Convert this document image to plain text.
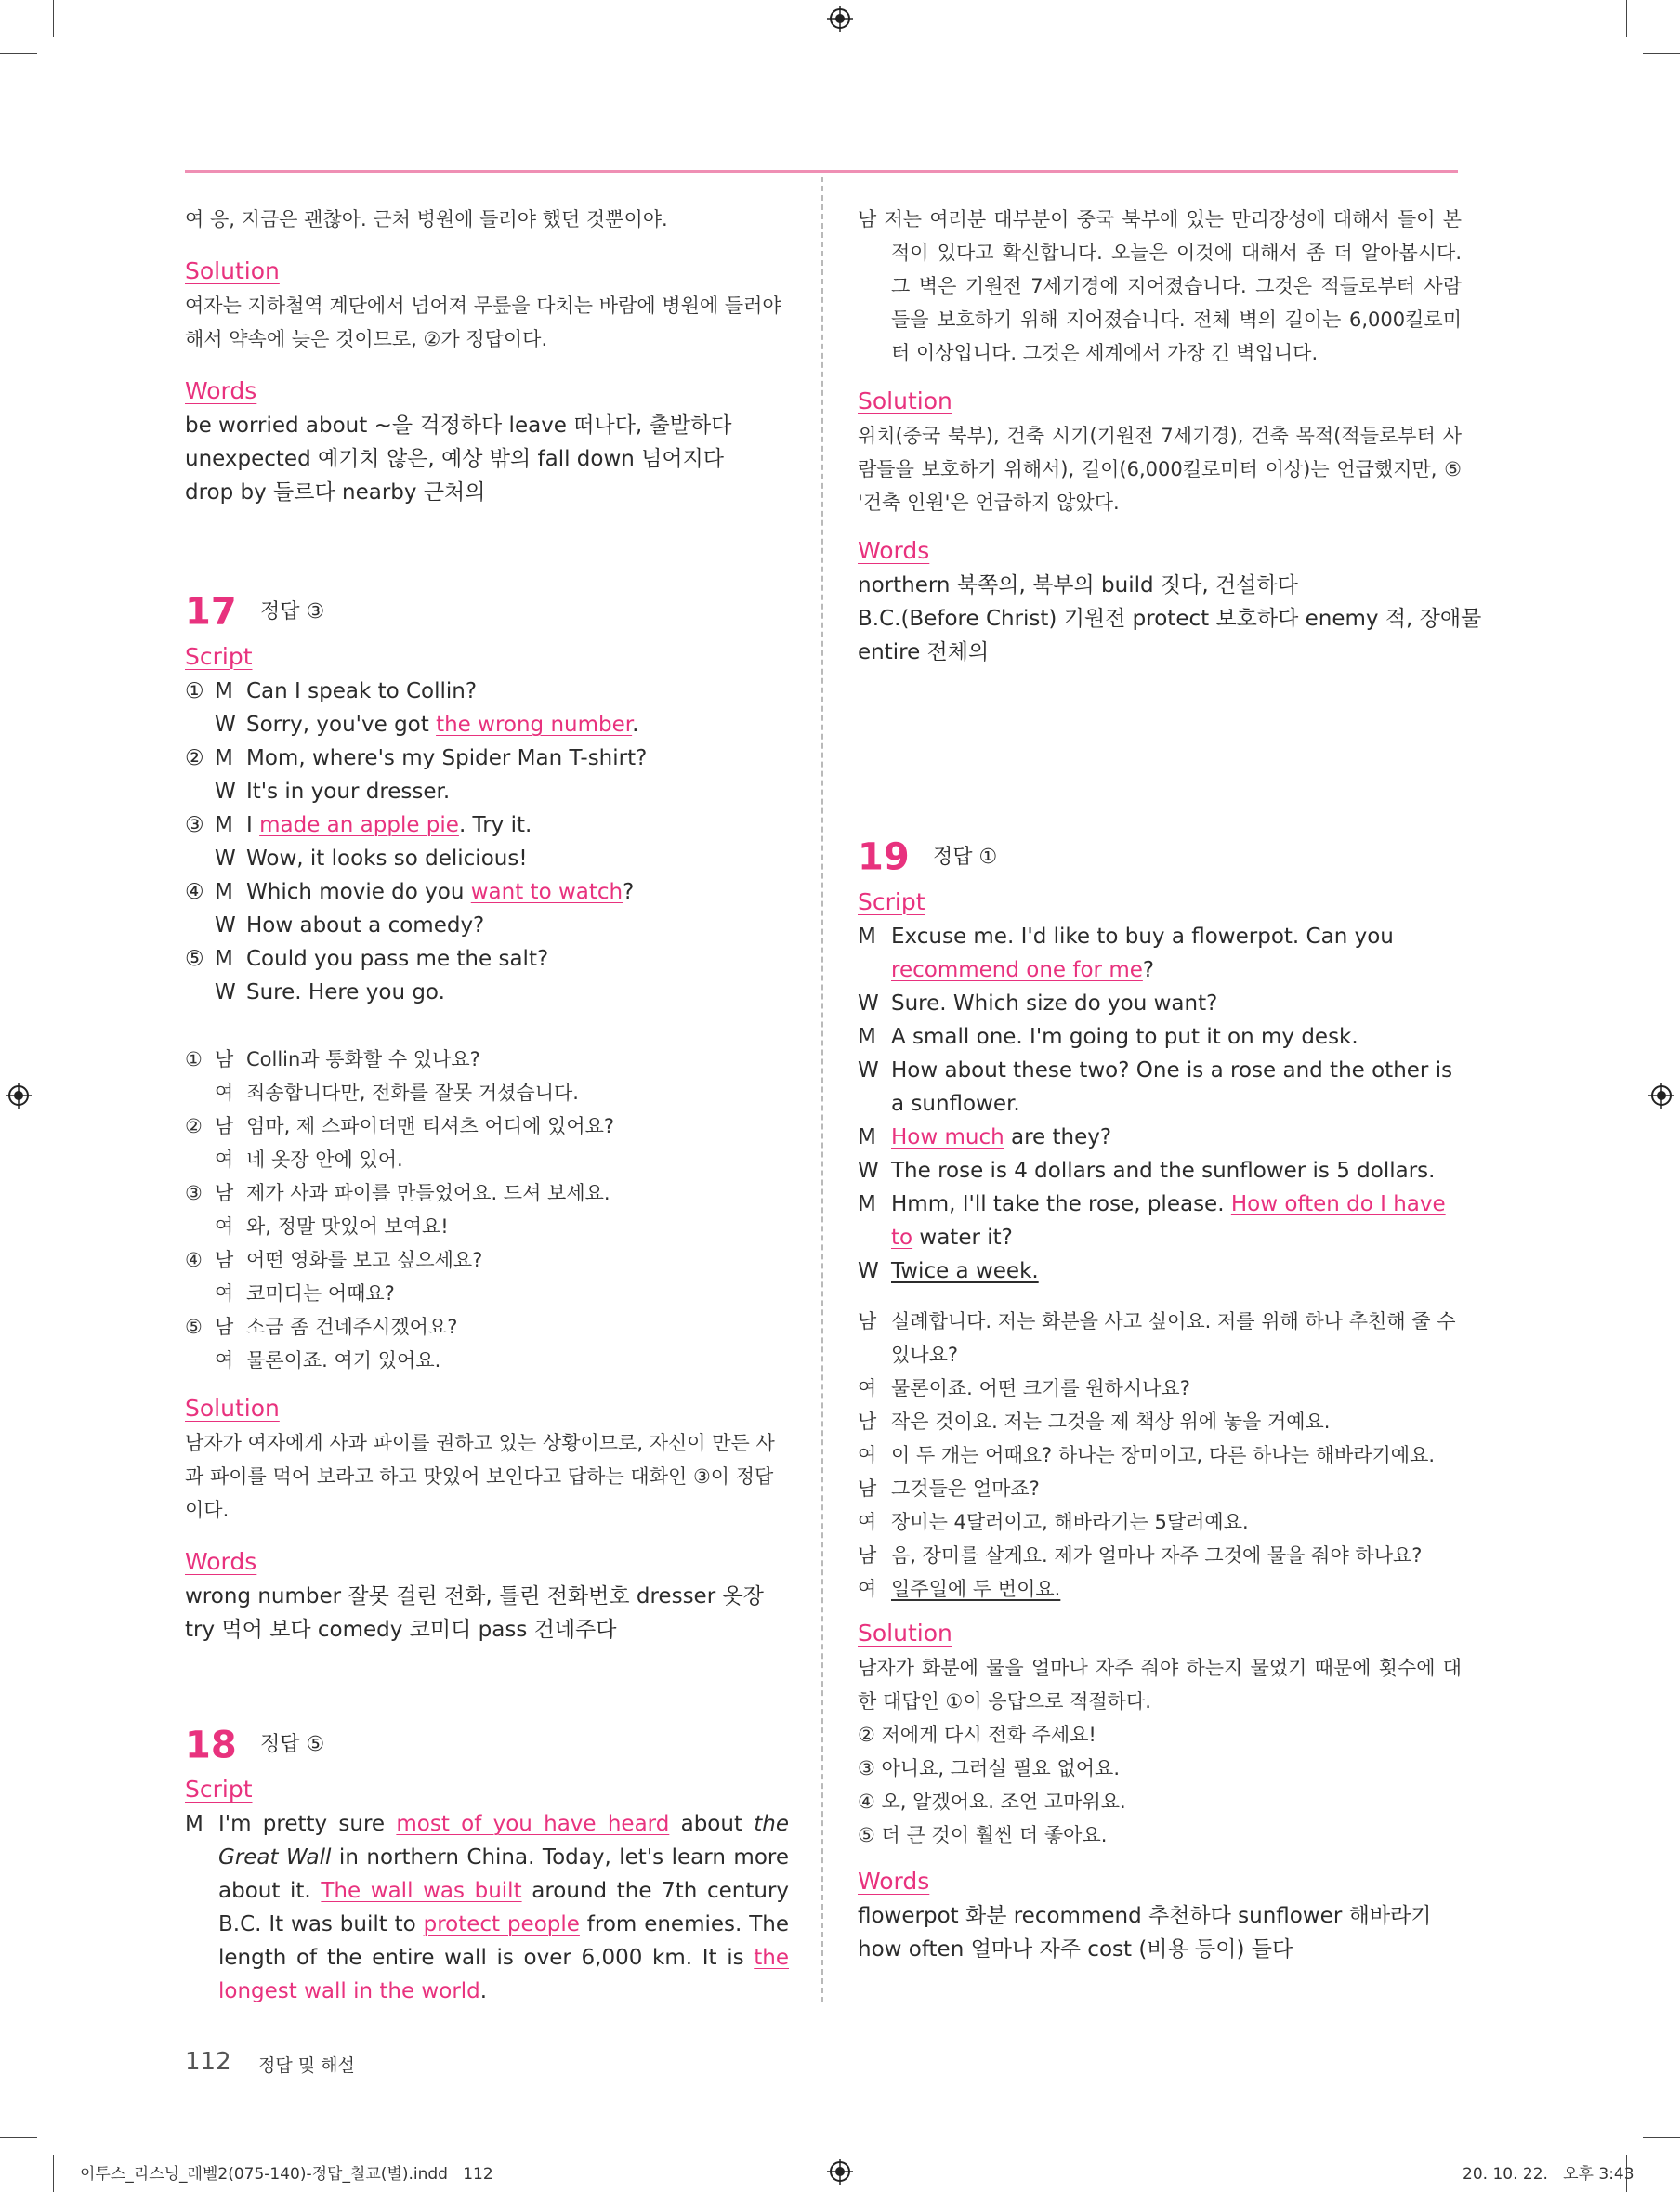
여 응, 지금은 괜찮아. 근처 병원에 들러야 했던 것뿐이야.
Solution
여자는 지하철역 계단에서 넘어져 무릎을 다치는 바람에 병원에 들러야 해서 약속에 늦은 것이므로, ②가 정답이다.
Words
be worried about ~을 걱정하다 leave 떠나다, 출발하다
unexpected 예기치 않은, 예상 밖의 fall down 넘어지다
drop by 들르다 nearby 근처의
17 정답 ③
Script
① M Can I speak to Collin?
W Sorry, you've got the wrong number.
② M Mom, where's my Spider Man T-shirt?
W It's in your dresser.
③ M I made an apple pie. Try it.
W Wow, it looks so delicious!
④ M Which movie do you want to watch?
W How about a comedy?
⑤ M Could you pass me the salt?
W Sure. Here you go.
① 남 Collin과 통화할 수 있나요?
여 죄송합니다만, 전화를 잘못 거셨습니다.
② 남 엄마, 제 스파이더맨 티셔츠 어디에 있어요?
여 네 옷장 안에 있어.
③ 남 제가 사과 파이를 만들었어요. 드셔 보세요.
여 와, 정말 맛있어 보여요!
④ 남 어떤 영화를 보고 싶으세요?
여 코미디는 어때요?
⑤ 남 소금 좀 건네주시겠어요?
여 물론이죠. 여기 있어요.
Solution
남자가 여자에게 사과 파이를 권하고 있는 상황이므로, 자신이 만든 사과 파이를 먹어 보라고 하고 맛있어 보인다고 답하는 대화인 ③이 정답이다.
Words
wrong number 잘못 걸린 전화, 틀린 전화번호 dresser 옷장
try 먹어 보다 comedy 코미디 pass 건네주다
18 정답 ⑤
Script
M I'm pretty sure most of you have heard about the Great Wall in northern China. Today, let's learn more about it. The wall was built around the 7th century B.C. It was built to protect people from enemies. The length of the entire wall is over 6,000 km. It is the longest wall in the world.
남 저는 여러분 대부분이 중국 북부에 있는 만리장성에 대해서 들어 본 적이 있다고 확신합니다. 오늘은 이것에 대해서 좀 더 알아봅시다. 그 벽은 기원전 7세기경에 지어졌습니다. 그것은 적들로부터 사람들을 보호하기 위해 지어졌습니다. 전체 벽의 길이는 6,000킬로미터 이상입니다. 그것은 세계에서 가장 긴 벽입니다.
Solution
위치(중국 북부), 건축 시기(기원전 7세기경), 건축 목적(적들로부터 사람들을 보호하기 위해서), 길이(6,000킬로미터 이상)는 언급했지만, ⑤ '건축 인원'은 언급하지 않았다.
Words
northern 북쪽의, 북부의 build 짓다, 건설하다
B.C.(Before Christ) 기원전 protect 보호하다 enemy 적, 장애물
entire 전체의
19 정답 ①
Script
M Excuse me. I'd like to buy a flowerpot. Can you recommend one for me?
W Sure. Which size do you want?
M A small one. I'm going to put it on my desk.
W How about these two? One is a rose and the other is a sunflower.
M How much are they?
W The rose is 4 dollars and the sunflower is 5 dollars.
M Hmm, I'll take the rose, please. How often do I have to water it?
W Twice a week.
남 실례합니다. 저는 화분을 사고 싶어요. 저를 위해 하나 추천해 줄 수 있나요?
여 물론이죠. 어떤 크기를 원하시나요?
남 작은 것이요. 저는 그것을 제 책상 위에 놓을 거예요.
여 이 두 개는 어때요? 하나는 장미이고, 다른 하나는 해바라기예요.
남 그것들은 얼마죠?
여 장미는 4달러이고, 해바라기는 5달러예요.
남 음, 장미를 살게요. 제가 얼마나 자주 그것에 물을 줘야 하나요?
여 일주일에 두 번이요.
Solution
남자가 화분에 물을 얼마나 자주 줘야 하는지 물었기 때문에 횟수에 대한 대답인 ①이 응답으로 적절하다.
② 저에게 다시 전화 주세요!
③ 아니요, 그러실 필요 없어요.
④ 오, 알겠어요. 조언 고마워요.
⑤ 더 큰 것이 훨씬 더 좋아요.
Words
flowerpot 화분 recommend 추천하다 sunflower 해바라기
how often 얼마나 자주 cost (비용 등이) 들다
112 정답 및 해설
이투스_리스닝_레벨2(075-140)-정답_칠교(별).indd   112	20. 10. 22.   오후 3:43
